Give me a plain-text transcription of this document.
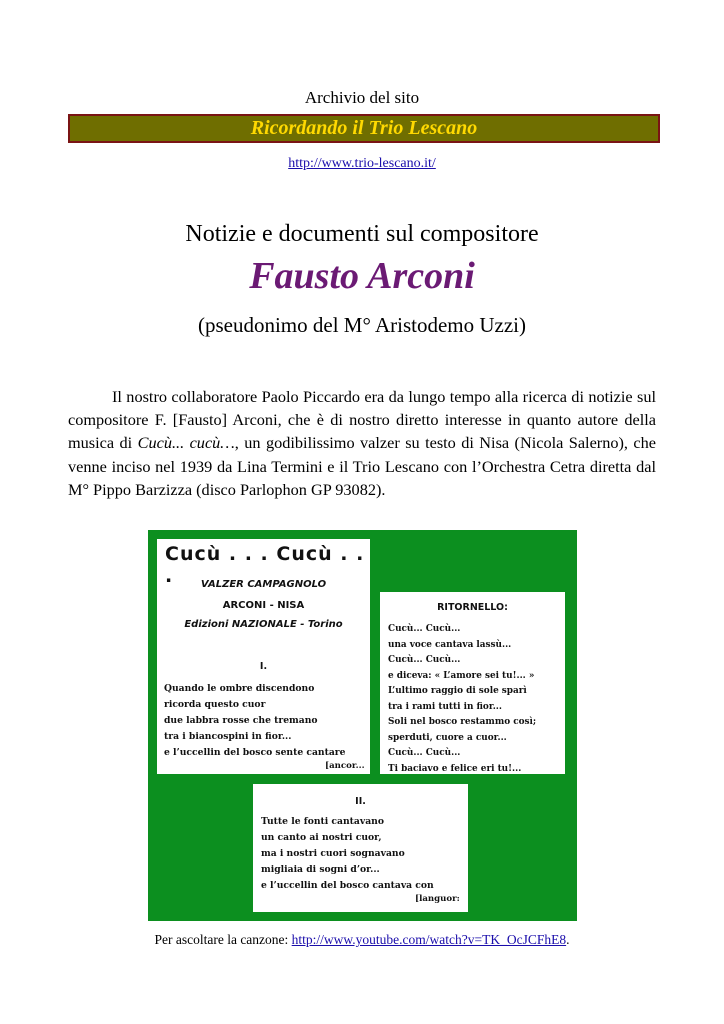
Archivio del sito
Ricordando il Trio Lescano
http://www.trio-lescano.it/
Notizie e documenti sul compositore
Fausto Arconi
(pseudonimo del M° Aristodemo Uzzi)

Il nostro collaboratore Paolo Piccardo era da lungo tempo alla ricerca di notizie sul compositore F. [Fausto] Arconi, che è di nostro diretto interesse in quanto autore della musica di Cucù... cucù…, un godibilissimo valzer su testo di Nisa (Nicola Salerno), che venne inciso nel 1939 da Lina Termini e il Trio Lescano con l’Orchestra Cetra diretta dal M° Pippo Barzizza (disco Parlophon GP 93082).

Cucù . . . Cucù . . .	VALZER CAMPAGNOLO
ARCONI - NISA
Edizioni NAZIONALE - Torino
I.
Quando le ombre discendono
ricorda questo cuor
due labbra rosse che tremano
tra i biancospini in fior...
e l’uccellin del bosco sente cantare
[ancor...
RITORNELLO:
Cucù... Cucù...
una voce cantava lassù...
Cucù... Cucù...
e diceva: « L’amore sei tu!... »
L’ultimo raggio di sole sparì
tra i rami tutti in fior...
Soli nel bosco restammo così;
sperduti, cuore a cuor...
Cucù... Cucù...
Ti baciavo e felice eri tu!...
II.
Tutte le fonti cantavano
un canto ai nostri cuor,
ma i nostri cuori sognavano
migliaia di sogni d’or...
e l’uccellin del bosco cantava con
[languor:
Per ascoltare la canzone: http://www.youtube.com/watch?v=TK_OcJCFhE8.
